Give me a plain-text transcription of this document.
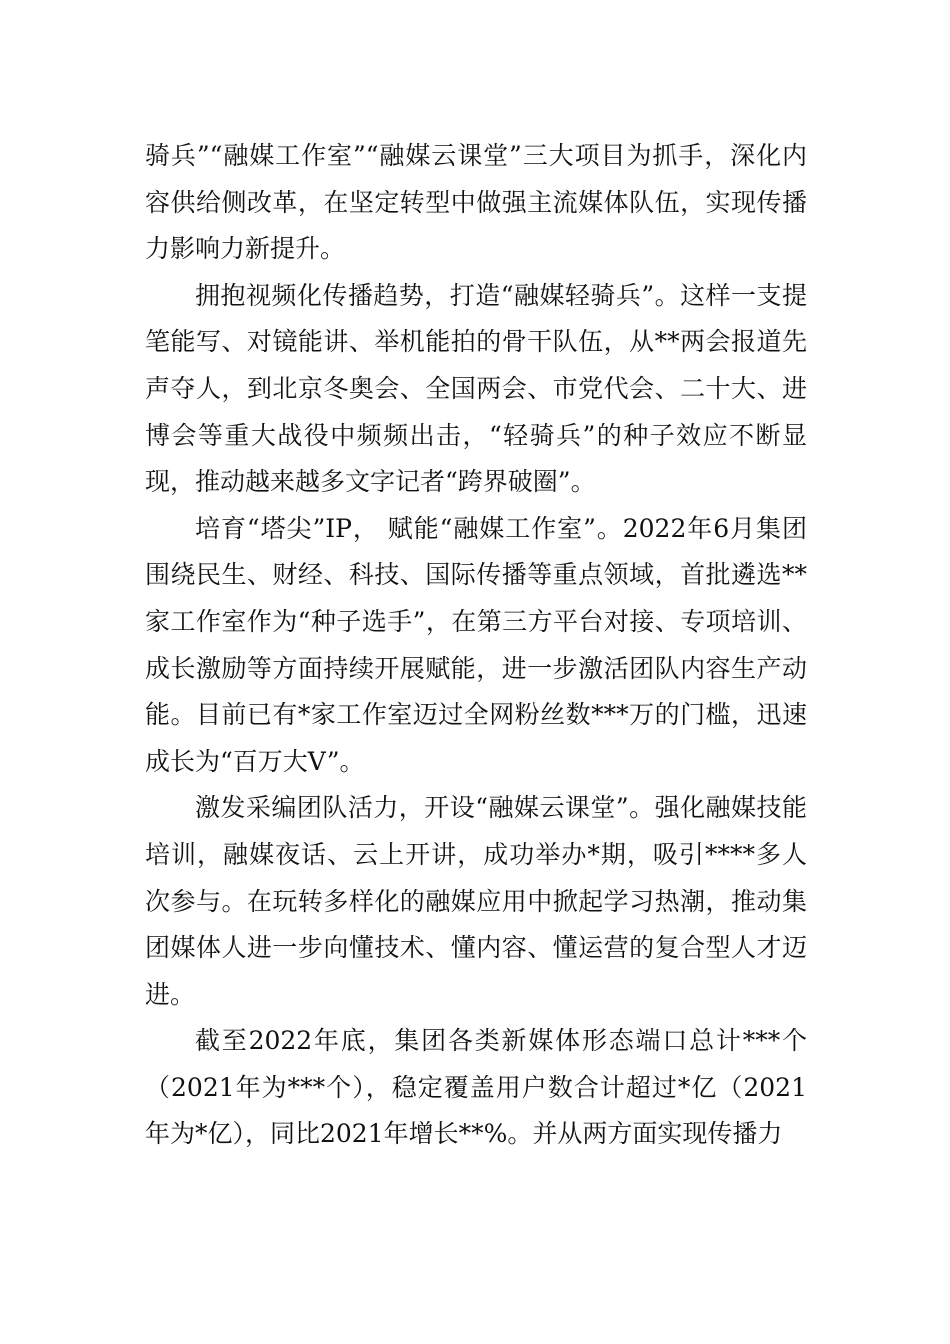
骑兵”“融媒工作室”“融媒云课堂”三大项目为抓手，深化内容供给侧改革，在坚定转型中做强主流媒体队伍，实现传播力影响力新提升。

拥抱视频化传播趋势，打造“融媒轻骑兵”。这样一支提笔能写、对镜能讲、举机能拍的骨干队伍，从**两会报道先声夺人，到北京冬奥会、全国两会、市党代会、二十大、进博会等重大战役中频频出击，“轻骑兵”的种子效应不断显现，推动越来越多文字记者“跨界破圈”。

培育“塔尖”IP， 赋能“融媒工作室”。2022年6月集团围绕民生、财经、科技、国际传播等重点领域，首批遴选**家工作室作为“种子选手”，在第三方平台对接、专项培训、成长激励等方面持续开展赋能，进一步激活团队内容生产动能。目前已有*家工作室迈过全网粉丝数***万的门槛，迅速成长为“百万大V”。

激发采编团队活力，开设“融媒云课堂”。强化融媒技能培训，融媒夜话、云上开讲，成功举办*期，吸引****多人次参与。在玩转多样化的融媒应用中掀起学习热潮，推动集团媒体人进一步向懂技术、懂内容、懂运营的复合型人才迈进。

截至2022年底，集团各类新媒体形态端口总计***个（2021年为***个），稳定覆盖用户数合计超过*亿（2021年为*亿），同比2021年增长**%。并从两方面实现传播力
